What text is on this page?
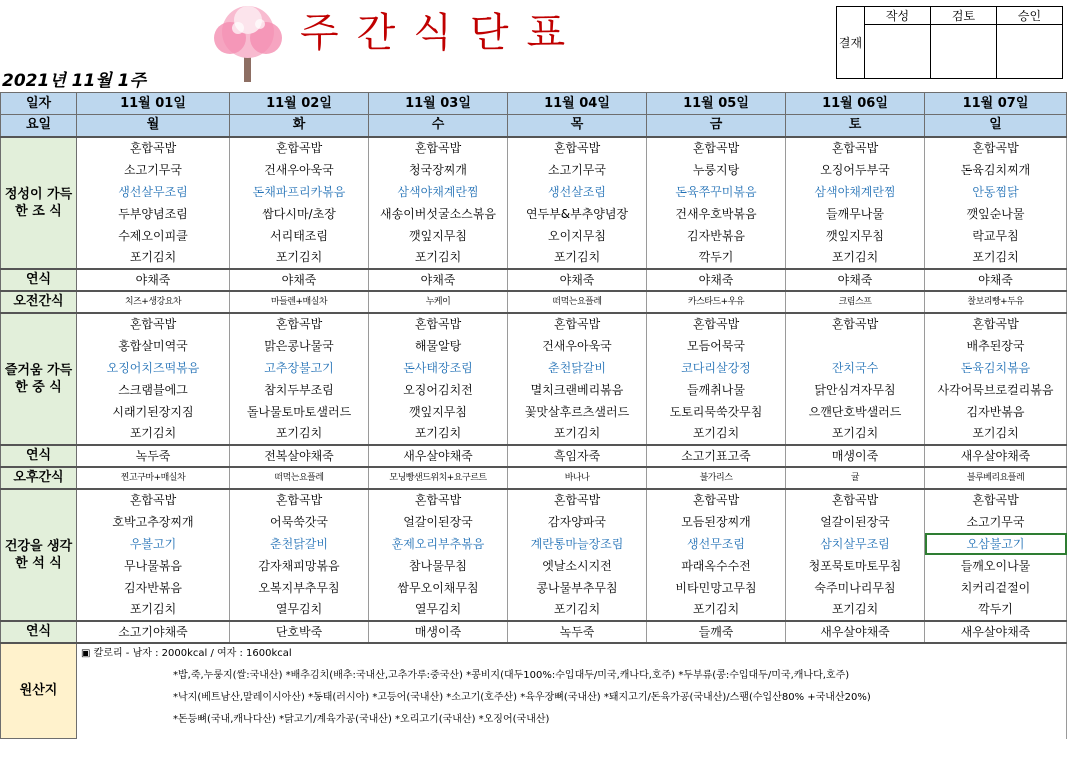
주간식단표
2021년 11월 1주
결재	작성	검토	승인

일자	11월 01일	11월 02일	11월 03일	11월 04일	11월 05일	11월 06일	11월 07일
요일	월	화	수	목	금	토	일
정성이 가득한 조 식	혼합곡밥	혼합곡밥	혼합곡밥	혼합곡밥	혼합곡밥	혼합곡밥	혼합곡밥
	소고기무국	건새우아욱국	청국장찌개	소고기무국	누룽지탕	오징어두부국	돈육김치찌개
	생선살무조림	돈채파프리카볶음	삼색야채계란찜	생선살조림	돈육쭈꾸미볶음	삼색야채계란찜	안동찜닭
	두부양념조림	쌈다시마/초장	새송이버섯굴소스볶음	연두부&부추양념장	건새우호박볶음	들깨무나물	깻잎순나물
	수제오이피클	서리태조림	깻잎지무침	오이지무침	김자반볶음	깻잎지무침	락교무침
	포기김치	포기김치	포기김치	포기김치	깍두기	포기김치	포기김치
연식	야채죽	야채죽	야채죽	야채죽	야채죽	야채죽	야채죽
오전간식	치즈+생강요차	마들렌+매실차	누케이	떠먹는요플레	카스타드+우유	크림스프	찰보리빵+두유
즐거움 가득한 중 식	혼합곡밥	혼합곡밥	혼합곡밥	혼합곡밥	혼합곡밥	혼합곡밥	혼합곡밥
	홍합살미역국	맑은콩나물국	해물알탕	건새우아욱국	모듬어묵국		배추된장국
	오징어치즈떡볶음	고추장불고기	돈사태장조림	춘천닭갈비	코다리살강정	잔치국수	돈육김치볶음
	스크램블에그	참치두부조림	오징어김치전	멸치크랜베리볶음	들깨취나물	닭안심겨자무침	사각어묵브로컬리볶음
	시래기된장지짐	돌나물토마토샐러드	깻잎지무침	꽃맛살후르츠샐러드	도토리묵쑥갓무침	으깬단호박샐러드	김자반볶음
	포기김치	포기김치	포기김치	포기김치	포기김치	포기김치	포기김치
연식	녹두죽	전복살야채죽	새우살야채죽	흑임자죽	소고기표고죽	매생이죽	새우살야채죽
오후간식	찐고구마+매실차	떠먹는요플레	모닝빵샌드위치+요구르트	바나나	불가리스	귤	블루베리요플레
건강을 생각한 석 식	혼합곡밥	혼합곡밥	혼합곡밥	혼합곡밥	혼합곡밥	혼합곡밥	혼합곡밥
	호박고추장찌개	어묵쑥갓국	얼갈이된장국	감자양파국	모듬된장찌개	얼갈이된장국	소고기무국
	우볼고기	춘천닭갈비	훈제오리부추볶음	계란통마늘장조림	생선무조림	삼치살무조림	오삼불고기
	무나물볶음	감자채피망볶음	참나물무침	엣날소시지전	파래옥수수전	청포묵토마토무침	들깨오이나물
	김자반볶음	오복지부추무침	쌈무오이채무침	콩나물부추무침	비타민망고무침	숙주미나리무침	치커리겉절이
	포기김치	열무김치	열무김치	포기김치	포기김치	포기김치	깍두기
연식	소고기야채죽	단호박죽	매생이죽	녹두죽	들깨죽	새우살야채죽	새우살야채죽
원산지	▣ 칼로리 - 남자 : 2000kcal / 여자 : 1600kcal						
	*밥,죽,누룽지(쌀:국내산) *배추김치(배추:국내산,고추가루:중국산) *콩비지(대두100%:수입대두/미국,캐나다,호주) *두부류(콩:수입대두/미국,캐나다,호주)						
	*낙지(베트남산,말레이시아산) *동태(러시아) *고등어(국내산) *소고기(호주산) *육우장뼈(국내산) *돼지고기/돈육가공(국내산)/스팸(수입산80% +국내산20%)						
	*돈등뼈(국내,캐나다산) *닭고기/계육가공(국내산) *오리고기(국내산) *오징어(국내산)						
